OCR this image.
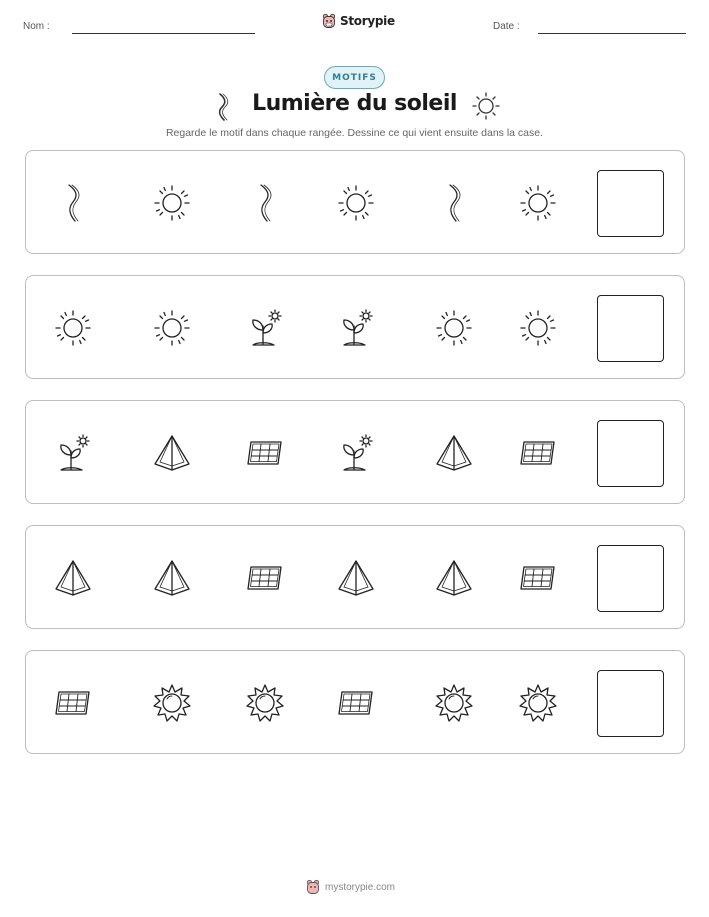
Nom :	Storypie	Date :
MOTIFS
Lumière du soleil

Regarde le motif dans chaque rangée. Dessine ce qui vient ensuite dans la case.

mystorypie.com
